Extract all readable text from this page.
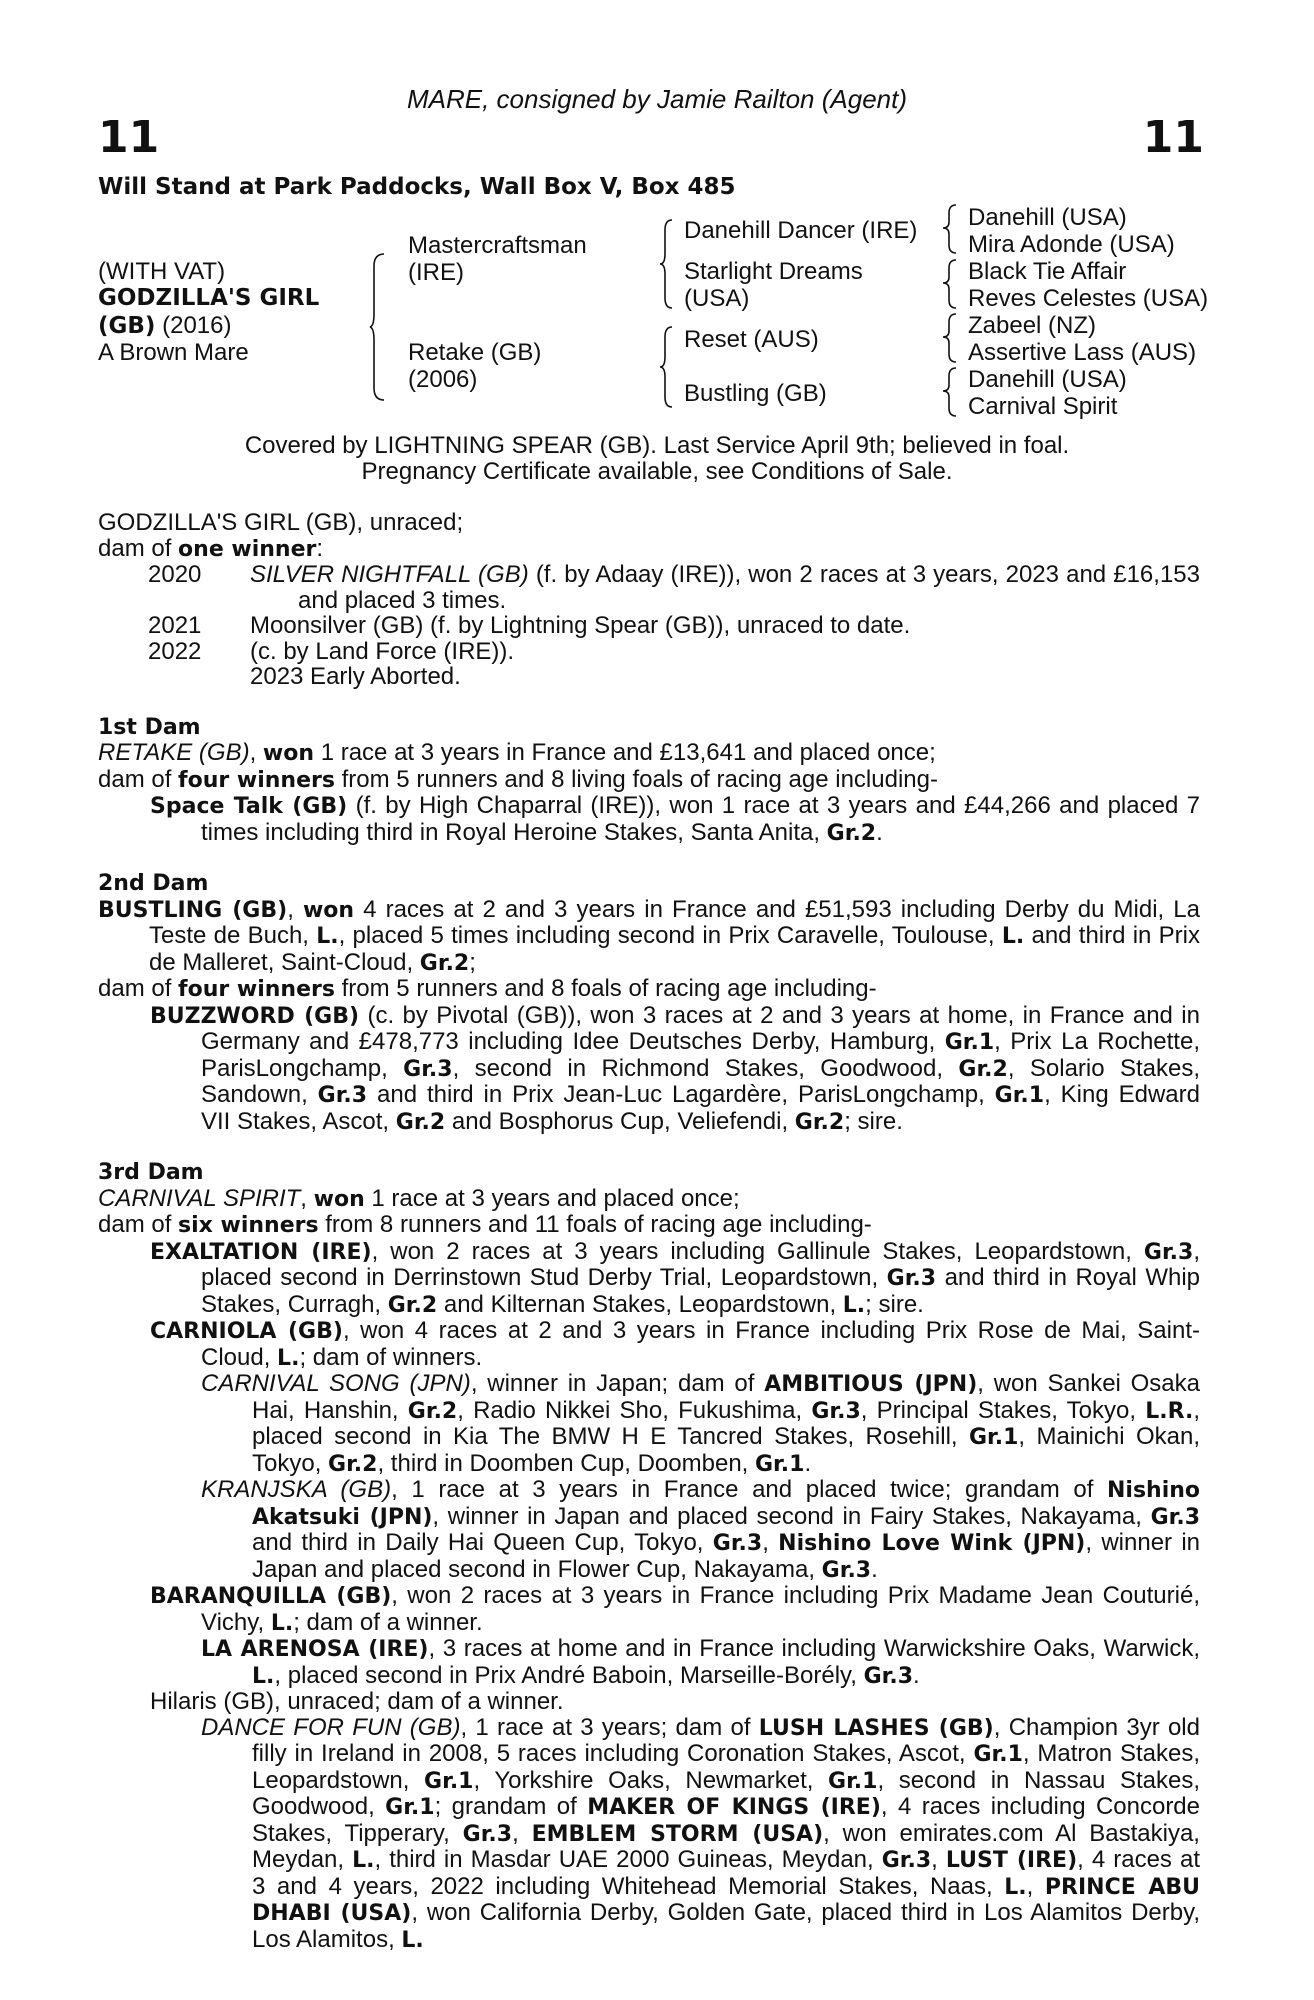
MARE, consigned by Jamie Railton (Agent)
11	11
Will Stand at Park Paddocks, Wall Box V, Box 485
(WITH VAT)
GODZILLA'S GIRL
(GB) (2016)
A Brown Mare
Mastercraftsman
(IRE)
Retake (GB)
(2006)
Danehill Dancer (IRE)
Starlight Dreams
(USA)
Reset (AUS)
Bustling (GB)
Danehill (USA)
Mira Adonde (USA)
Black Tie Affair
Reves Celestes (USA)
Zabeel (NZ)
Assertive Lass (AUS)
Danehill (USA)
Carnival Spirit
Covered by LIGHTNING SPEAR (GB). Last Service April 9th; believed in foal.
Pregnancy Certificate available, see Conditions of Sale.

GODZILLA'S GIRL (GB), unraced;

dam of one winner:

2020	SILVER NIGHTFALL (GB) (f. by Adaay (IRE)), won 2 races at 3 years, 2023 and £16,153 and placed 3 times.

2021	Moonsilver (GB) (f. by Lightning Spear (GB)), unraced to date.

2022	(c. by Land Force (IRE)).

2023 Early Aborted.

1st Dam

RETAKE (GB), won 1 race at 3 years in France and £13,641 and placed once;

dam of four winners from 5 runners and 8 living foals of racing age including-

Space Talk (GB) (f. by High Chaparral (IRE)), won 1 race at 3 years and £44,266 and placed 7 times including third in Royal Heroine Stakes, Santa Anita, Gr.2.

2nd Dam

BUSTLING (GB), won 4 races at 2 and 3 years in France and £51,593 including Derby du Midi, La Teste de Buch, L., placed 5 times including second in Prix Caravelle, Toulouse, L. and third in Prix de Malleret, Saint-Cloud, Gr.2;

dam of four winners from 5 runners and 8 foals of racing age including-

BUZZWORD (GB) (c. by Pivotal (GB)), won 3 races at 2 and 3 years at home, in France and in Germany and £478,773 including Idee Deutsches Derby, Hamburg, Gr.1, Prix La Rochette, ParisLongchamp, Gr.3, second in Richmond Stakes, Goodwood, Gr.2, Solario Stakes, Sandown, Gr.3 and third in Prix Jean-Luc Lagardère, ParisLongchamp, Gr.1, King Edward VII Stakes, Ascot, Gr.2 and Bosphorus Cup, Veliefendi, Gr.2; sire.

3rd Dam

CARNIVAL SPIRIT, won 1 race at 3 years and placed once;

dam of six winners from 8 runners and 11 foals of racing age including-

EXALTATION (IRE), won 2 races at 3 years including Gallinule Stakes, Leopardstown, Gr.3, placed second in Derrinstown Stud Derby Trial, Leopardstown, Gr.3 and third in Royal Whip Stakes, Curragh, Gr.2 and Kilternan Stakes, Leopardstown, L.; sire.

CARNIOLA (GB), won 4 races at 2 and 3 years in France including Prix Rose de Mai, Saint-Cloud, L.; dam of winners.

CARNIVAL SONG (JPN), winner in Japan; dam of AMBITIOUS (JPN), won Sankei Osaka Hai, Hanshin, Gr.2, Radio Nikkei Sho, Fukushima, Gr.3, Principal Stakes, Tokyo, L.R., placed second in Kia The BMW H E Tancred Stakes, Rosehill, Gr.1, Mainichi Okan, Tokyo, Gr.2, third in Doomben Cup, Doomben, Gr.1.

KRANJSKA (GB), 1 race at 3 years in France and placed twice; grandam of Nishino Akatsuki (JPN), winner in Japan and placed second in Fairy Stakes, Nakayama, Gr.3 and third in Daily Hai Queen Cup, Tokyo, Gr.3, Nishino Love Wink (JPN), winner in Japan and placed second in Flower Cup, Nakayama, Gr.3.

BARANQUILLA (GB), won 2 races at 3 years in France including Prix Madame Jean Couturié, Vichy, L.; dam of a winner.

LA ARENOSA (IRE), 3 races at home and in France including Warwickshire Oaks, Warwick, L., placed second in Prix André Baboin, Marseille-Borély, Gr.3.

Hilaris (GB), unraced; dam of a winner.

DANCE FOR FUN (GB), 1 race at 3 years; dam of LUSH LASHES (GB), Champion 3yr old filly in Ireland in 2008, 5 races including Coronation Stakes, Ascot, Gr.1, Matron Stakes, Leopardstown, Gr.1, Yorkshire Oaks, Newmarket, Gr.1, second in Nassau Stakes, Goodwood, Gr.1; grandam of MAKER OF KINGS (IRE), 4 races including Concorde Stakes, Tipperary, Gr.3, EMBLEM STORM (USA), won emirates.com Al Bastakiya, Meydan, L., third in Masdar UAE 2000 Guineas, Meydan, Gr.3, LUST (IRE), 4 races at 3 and 4 years, 2022 including Whitehead Memorial Stakes, Naas, L., PRINCE ABU DHABI (USA), won California Derby, Golden Gate, placed third in Los Alamitos Derby, Los Alamitos, L.
